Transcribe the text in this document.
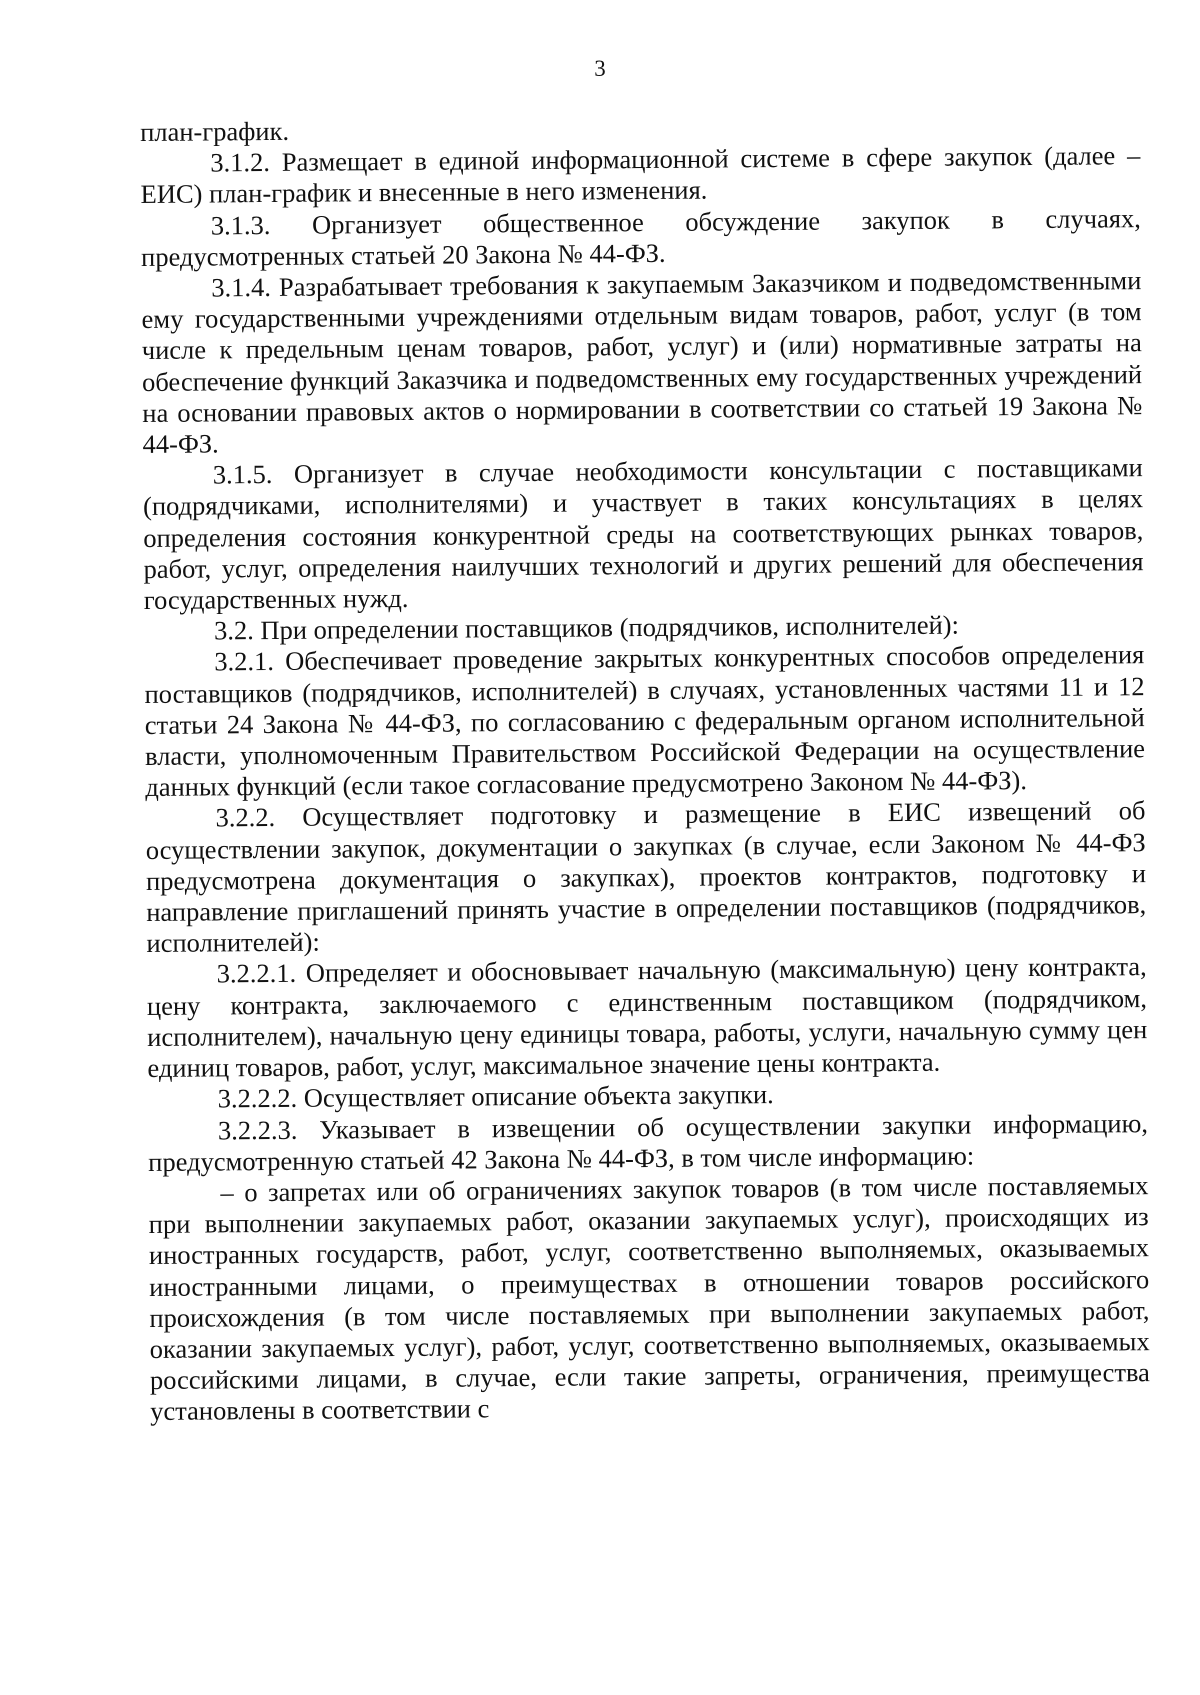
3

план-график.

3.1.2. Размещает в единой информационной системе в сфере закупок (далее – ЕИС) план-график и внесенные в него изменения.

3.1.3. Организует общественное обсуждение закупок в случаях, предусмотренных статьей 20 Закона № 44-ФЗ.

3.1.4. Разрабатывает требования к закупаемым Заказчиком и подведомственными ему государственными учреждениями отдельным видам товаров, работ, услуг (в том числе к предельным ценам товаров, работ, услуг) и (или) нормативные затраты на обеспечение функций Заказчика и подведомственных ему государственных учреждений на основании правовых актов о нормировании в соответствии со статьей 19 Закона № 44-ФЗ.

3.1.5. Организует в случае необходимости консультации с поставщиками (подрядчиками, исполнителями) и участвует в таких консультациях в целях определения состояния конкурентной среды на соответствующих рынках товаров, работ, услуг, определения наилучших технологий и других решений для обеспечения государственных нужд.

3.2. При определении поставщиков (подрядчиков, исполнителей):

3.2.1. Обеспечивает проведение закрытых конкурентных способов определения поставщиков (подрядчиков, исполнителей) в случаях, установленных частями 11 и 12 статьи 24 Закона № 44-ФЗ, по согласованию с федеральным органом исполнительной власти, уполномоченным Правительством Российской Федерации на осуществление данных функций (если такое согласование предусмотрено Законом № 44-ФЗ).

3.2.2. Осуществляет подготовку и размещение в ЕИС извещений об осуществлении закупок, документации о закупках (в случае, если Законом № 44-ФЗ предусмотрена документация о закупках), проектов контрактов, подготовку и направление приглашений принять участие в определении поставщиков (подрядчиков, исполнителей):

3.2.2.1. Определяет и обосновывает начальную (максимальную) цену контракта, цену контракта, заключаемого с единственным поставщиком (подрядчиком, исполнителем), начальную цену единицы товара, работы, услуги, начальную сумму цен единиц товаров, работ, услуг, максимальное значение цены контракта.

3.2.2.2. Осуществляет описание объекта закупки.

3.2.2.3. Указывает в извещении об осуществлении закупки информацию, предусмотренную статьей 42 Закона № 44-ФЗ, в том числе информацию:

– о запретах или об ограничениях закупок товаров (в том числе поставляемых при выполнении закупаемых работ, оказании закупаемых услуг), происходящих из иностранных государств, работ, услуг, соответственно выполняемых, оказываемых иностранными лицами, о преимуществах в отношении товаров российского происхождения (в том числе поставляемых при выполнении закупаемых работ, оказании закупаемых услуг), работ, услуг, соответственно выполняемых, оказываемых российскими лицами, в случае, если такие запреты, ограничения, преимущества установлены в соответствии с
